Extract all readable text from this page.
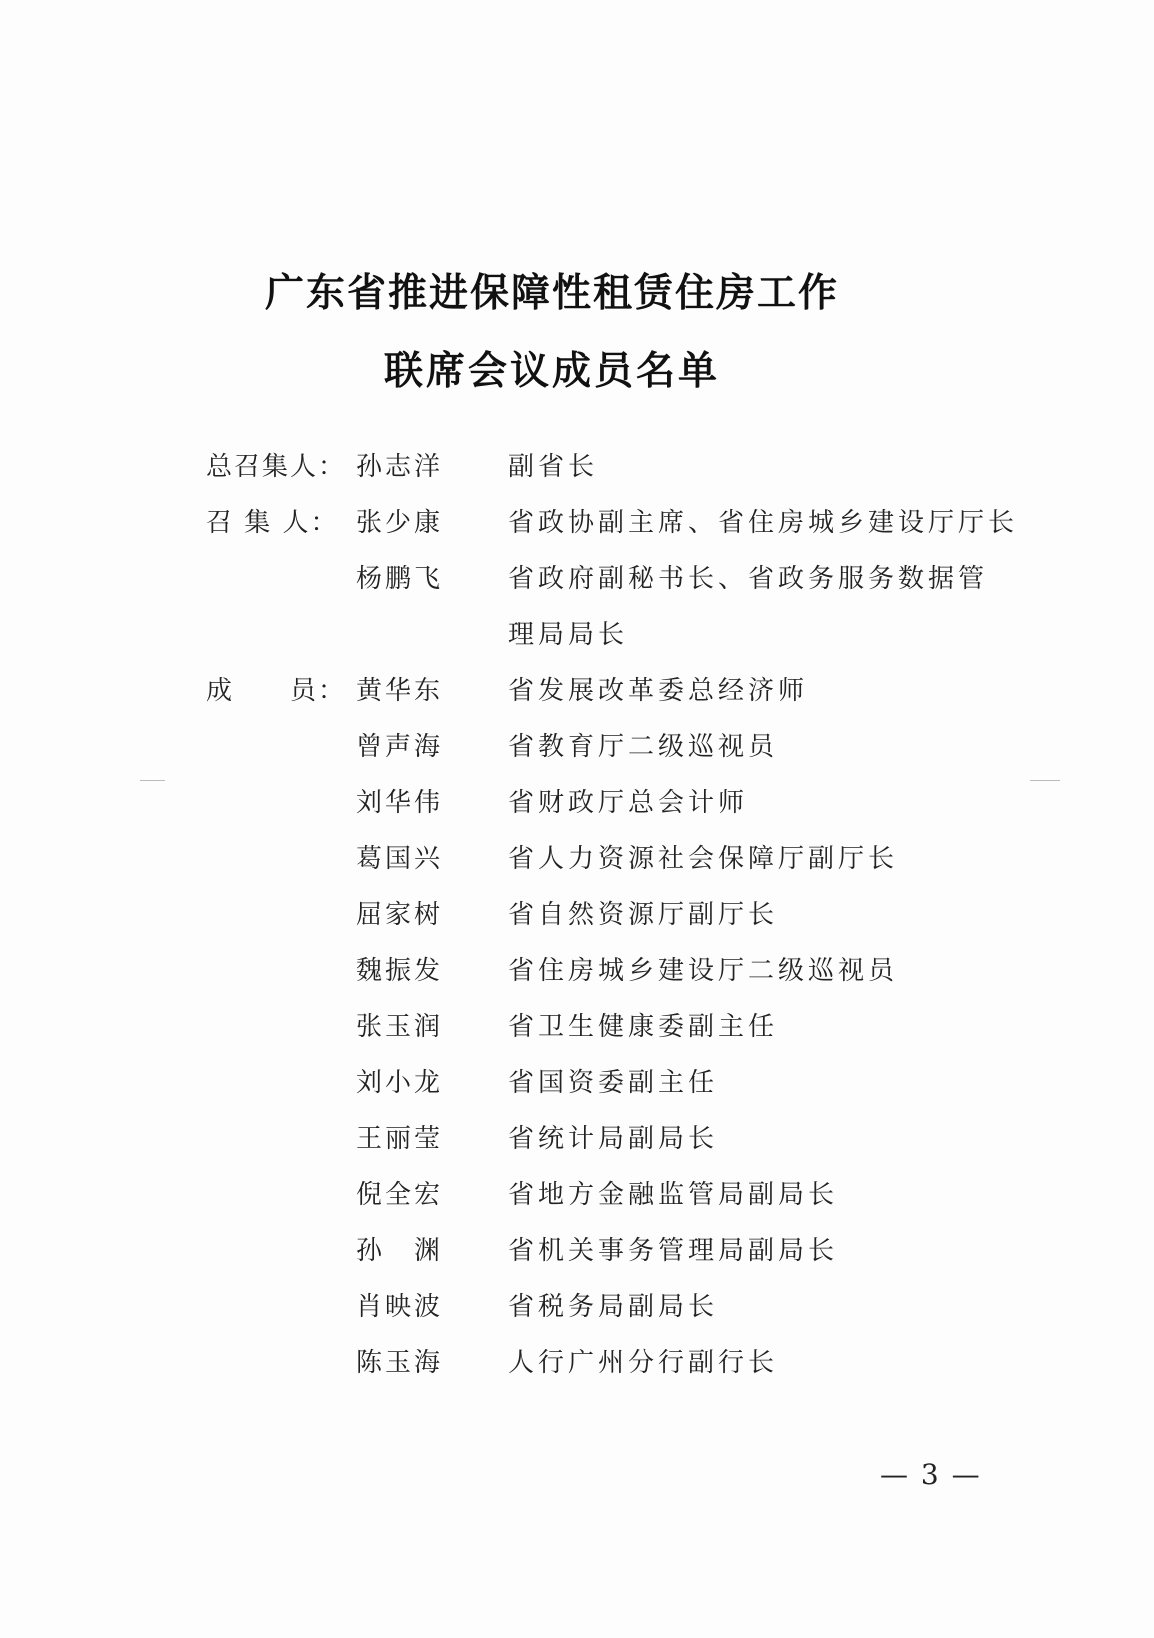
广东省推进保障性租赁住房工作
联席会议成员名单
总召集人： 孙志洋	副省长
召 集 人： 张少康	省政协副主席、省住房城乡建设厅厅长
杨鹏飞	省政府副秘书长、省政务服务数据管
理局局长
成　　员： 黄华东	省发展改革委总经济师
曾声海	省教育厅二级巡视员
刘华伟	省财政厅总会计师
葛国兴	省人力资源社会保障厅副厅长
屈家树	省自然资源厅副厅长
魏振发	省住房城乡建设厅二级巡视员
张玉润	省卫生健康委副主任
刘小龙	省国资委副主任
王丽莹	省统计局副局长
倪全宏	省地方金融监管局副局长
孙　渊	省机关事务管理局副局长
肖映波	省税务局副局长
陈玉海	人行广州分行副行长
— 3 —
